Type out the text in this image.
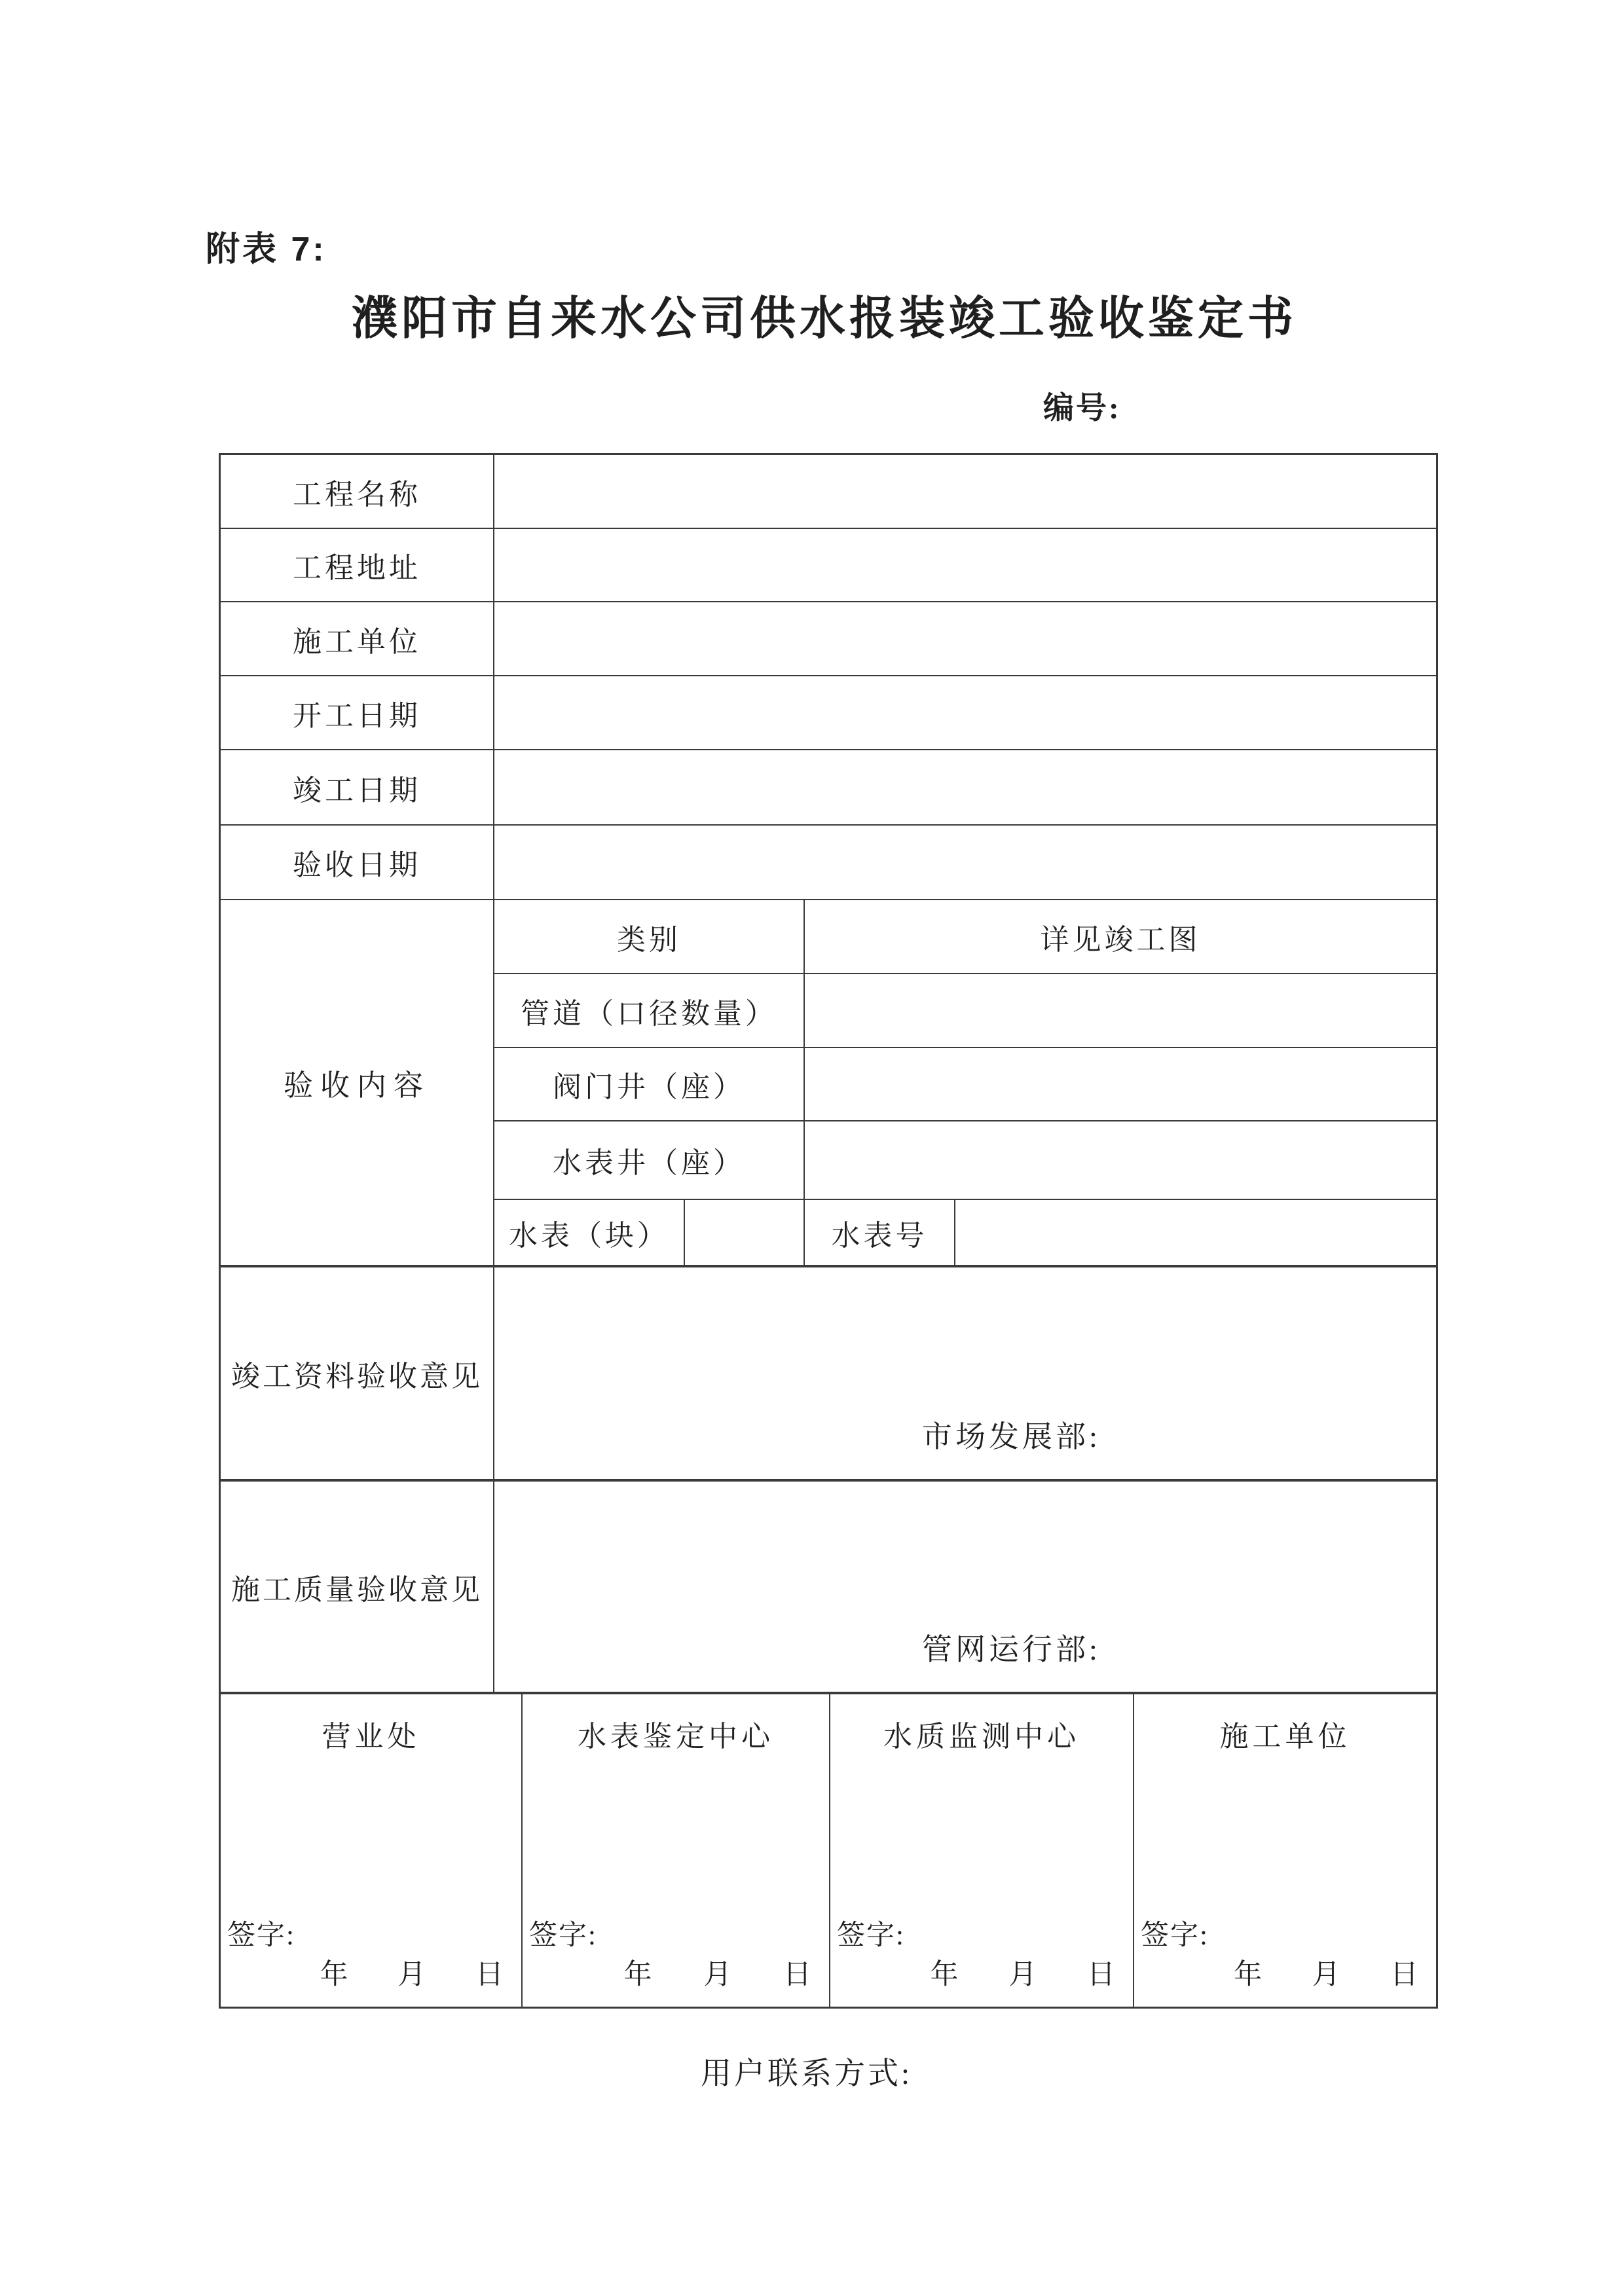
附表 7:
濮阳市自来水公司供水报装竣工验收鉴定书
编号:
工程名称
工程地址
施工单位
开工日期
竣工日期
验收日期
验收内容
类别	详见竣工图
管道（口径数量）
阀门井（座）
水表井（座）
水表（块）	水表号
竣工资料验收意见
市场发展部:
施工质量验收意见
管网运行部:
营业处
签字:
年 月 日
水表鉴定中心
签字:
年 月 日
水质监测中心
签字:
年 月 日
施工单位
签字:
年 月 日
用户联系方式:
